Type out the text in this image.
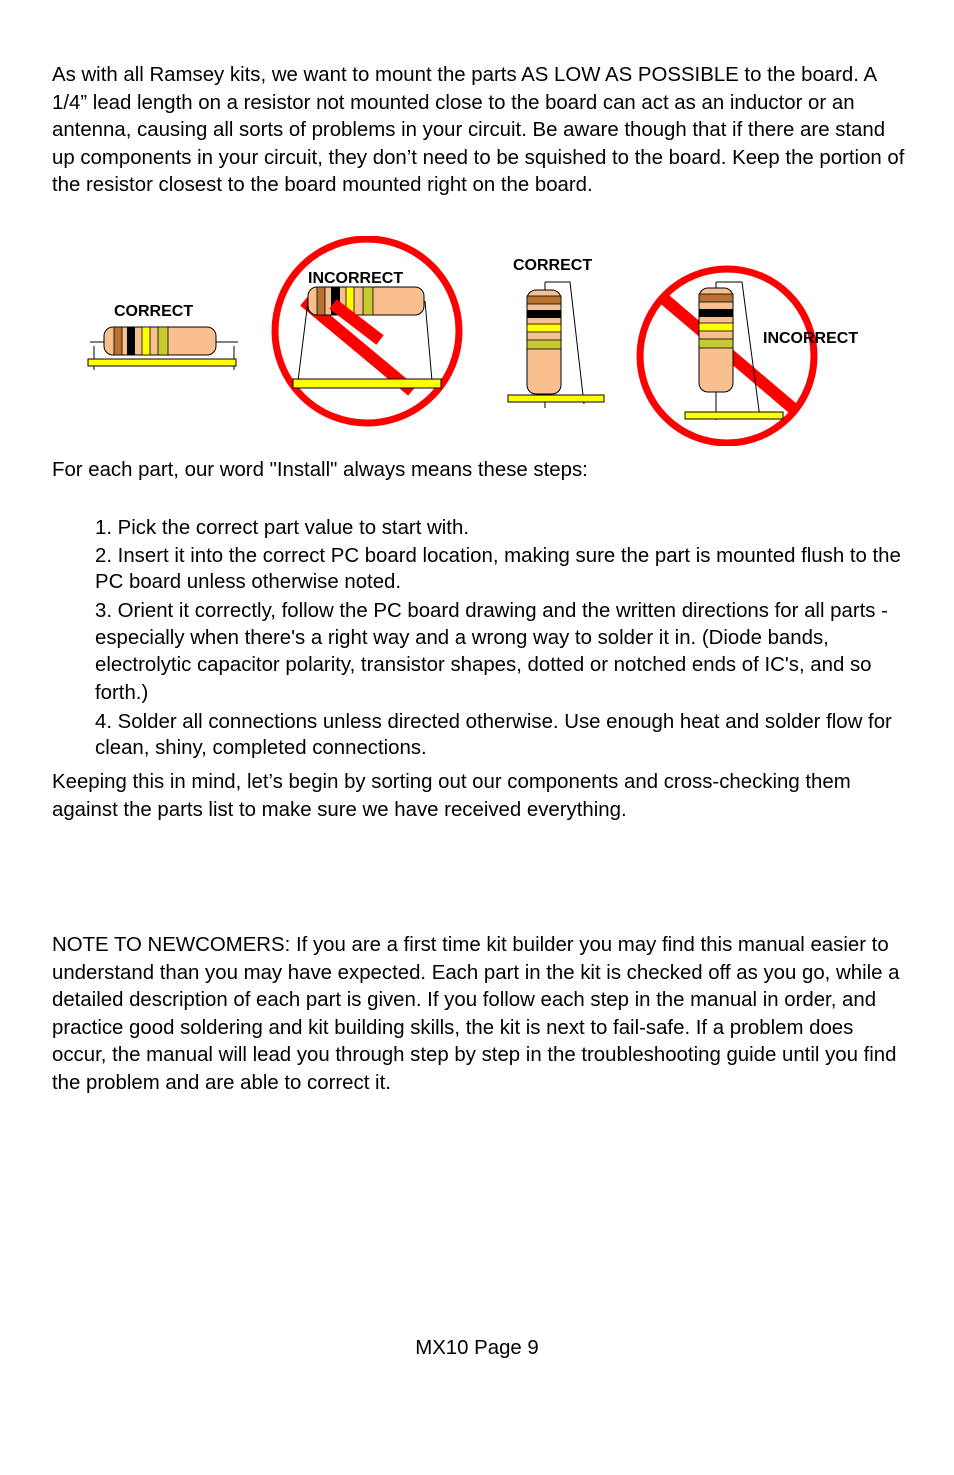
As with all Ramsey kits, we want to mount the parts AS LOW AS POSSIBLE to the board. A 1/4” lead length on a resistor not mounted close to the board can act as an inductor or an antenna, causing all sorts of problems in your circuit. Be aware though that if there are stand up components in your circuit, they don’t need to be squished to the board. Keep the portion of the resistor closest to the board mounted right on the board.

CORRECT
INCORRECT
CORRECT
INCORRECT

For each part, our word "Install" always means these steps:

1. Pick the correct part value to start with.
2. Insert it into the correct PC board location, making sure the part is mounted flush to the PC board unless otherwise noted.
3. Orient it correctly, follow the PC board drawing and the written directions for all parts - especially when there's a right way and a wrong way to solder it in. (Diode bands, electrolytic capacitor polarity, transistor shapes, dotted or notched ends of IC's, and so forth.)
4. Solder all connections unless directed otherwise. Use enough heat and solder flow for clean, shiny, completed connections.

Keeping this in mind, let’s begin by sorting out our components and cross-checking them against the parts list to make sure we have received everything.

NOTE TO NEWCOMERS: If you are a first time kit builder you may find this manual easier to understand than you may have expected. Each part in the kit is checked off as you go, while a detailed description of each part is given. If you follow each step in the manual in order, and practice good soldering and kit building skills, the kit is next to fail-safe. If a problem does occur, the manual will lead you through step by step in the troubleshooting guide until you find the problem and are able to correct it.

MX10 Page 9
